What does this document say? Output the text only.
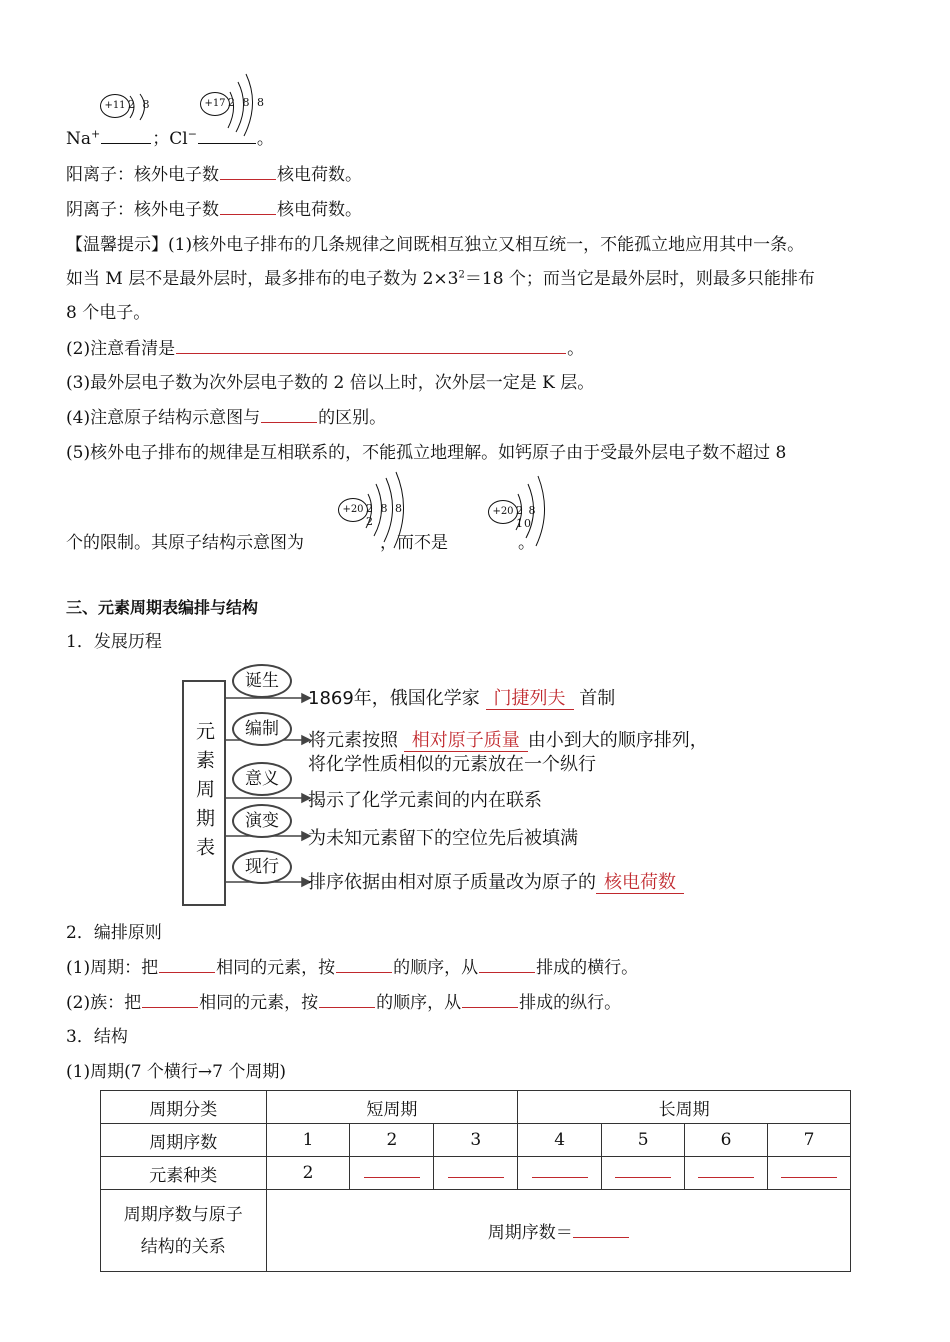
Na+	；Cl−	。
+11 2 8	+17 2 8 8
阳离子：核外电子数	核电荷数。
阴离子：核外电子数	核电荷数。
【温馨提示】(1)核外电子排布的几条规律之间既相互独立又相互统一，不能孤立地应用其中一条。
如当 M 层不是最外层时，最多排布的电子数为 $2\times 3^2=18$ 个；而当它是最外层时，则最多只能排布
8 个电子。
(2)注意看清是	。
(3)最外层电子数为次外层电子数的 2 倍以上时，次外层一定是 K 层。
(4)注意原子结构示意图与	的区别。
(5)核外电子排布的规律是互相联系的，不能孤立地理解。如钙原子由于受最外层电子数不超过 8
个的限制。其原子结构示意图为	，而不是	。
+20 2 8 8 2
+20 2 8 10
三、元素周期表编排与结构
1．发展历程
元素周期表
诞生
编制
意义
演变
现行
1869年，俄国化学家 门捷列夫 首制
将元素按照 相对原子质量 由小到大的顺序排列，
将化学性质相似的元素放在一个纵行
揭示了化学元素间的内在联系
为未知元素留下的空位先后被填满
排序依据由相对原子质量改为原子的 核电荷数
2．编排原则
(1)周期：把	相同的元素，按	的顺序，从	排成的横行。
(2)族：把	相同的元素，按	的顺序，从	排成的纵行。
3．结构
(1)周期(7 个横行→7 个周期)
周期分类	短周期			长周期			
周期序数	1	2	3	4	5	6	7
元素种类	2						

周期序数与原子
结构的关系	周期序数＝						
